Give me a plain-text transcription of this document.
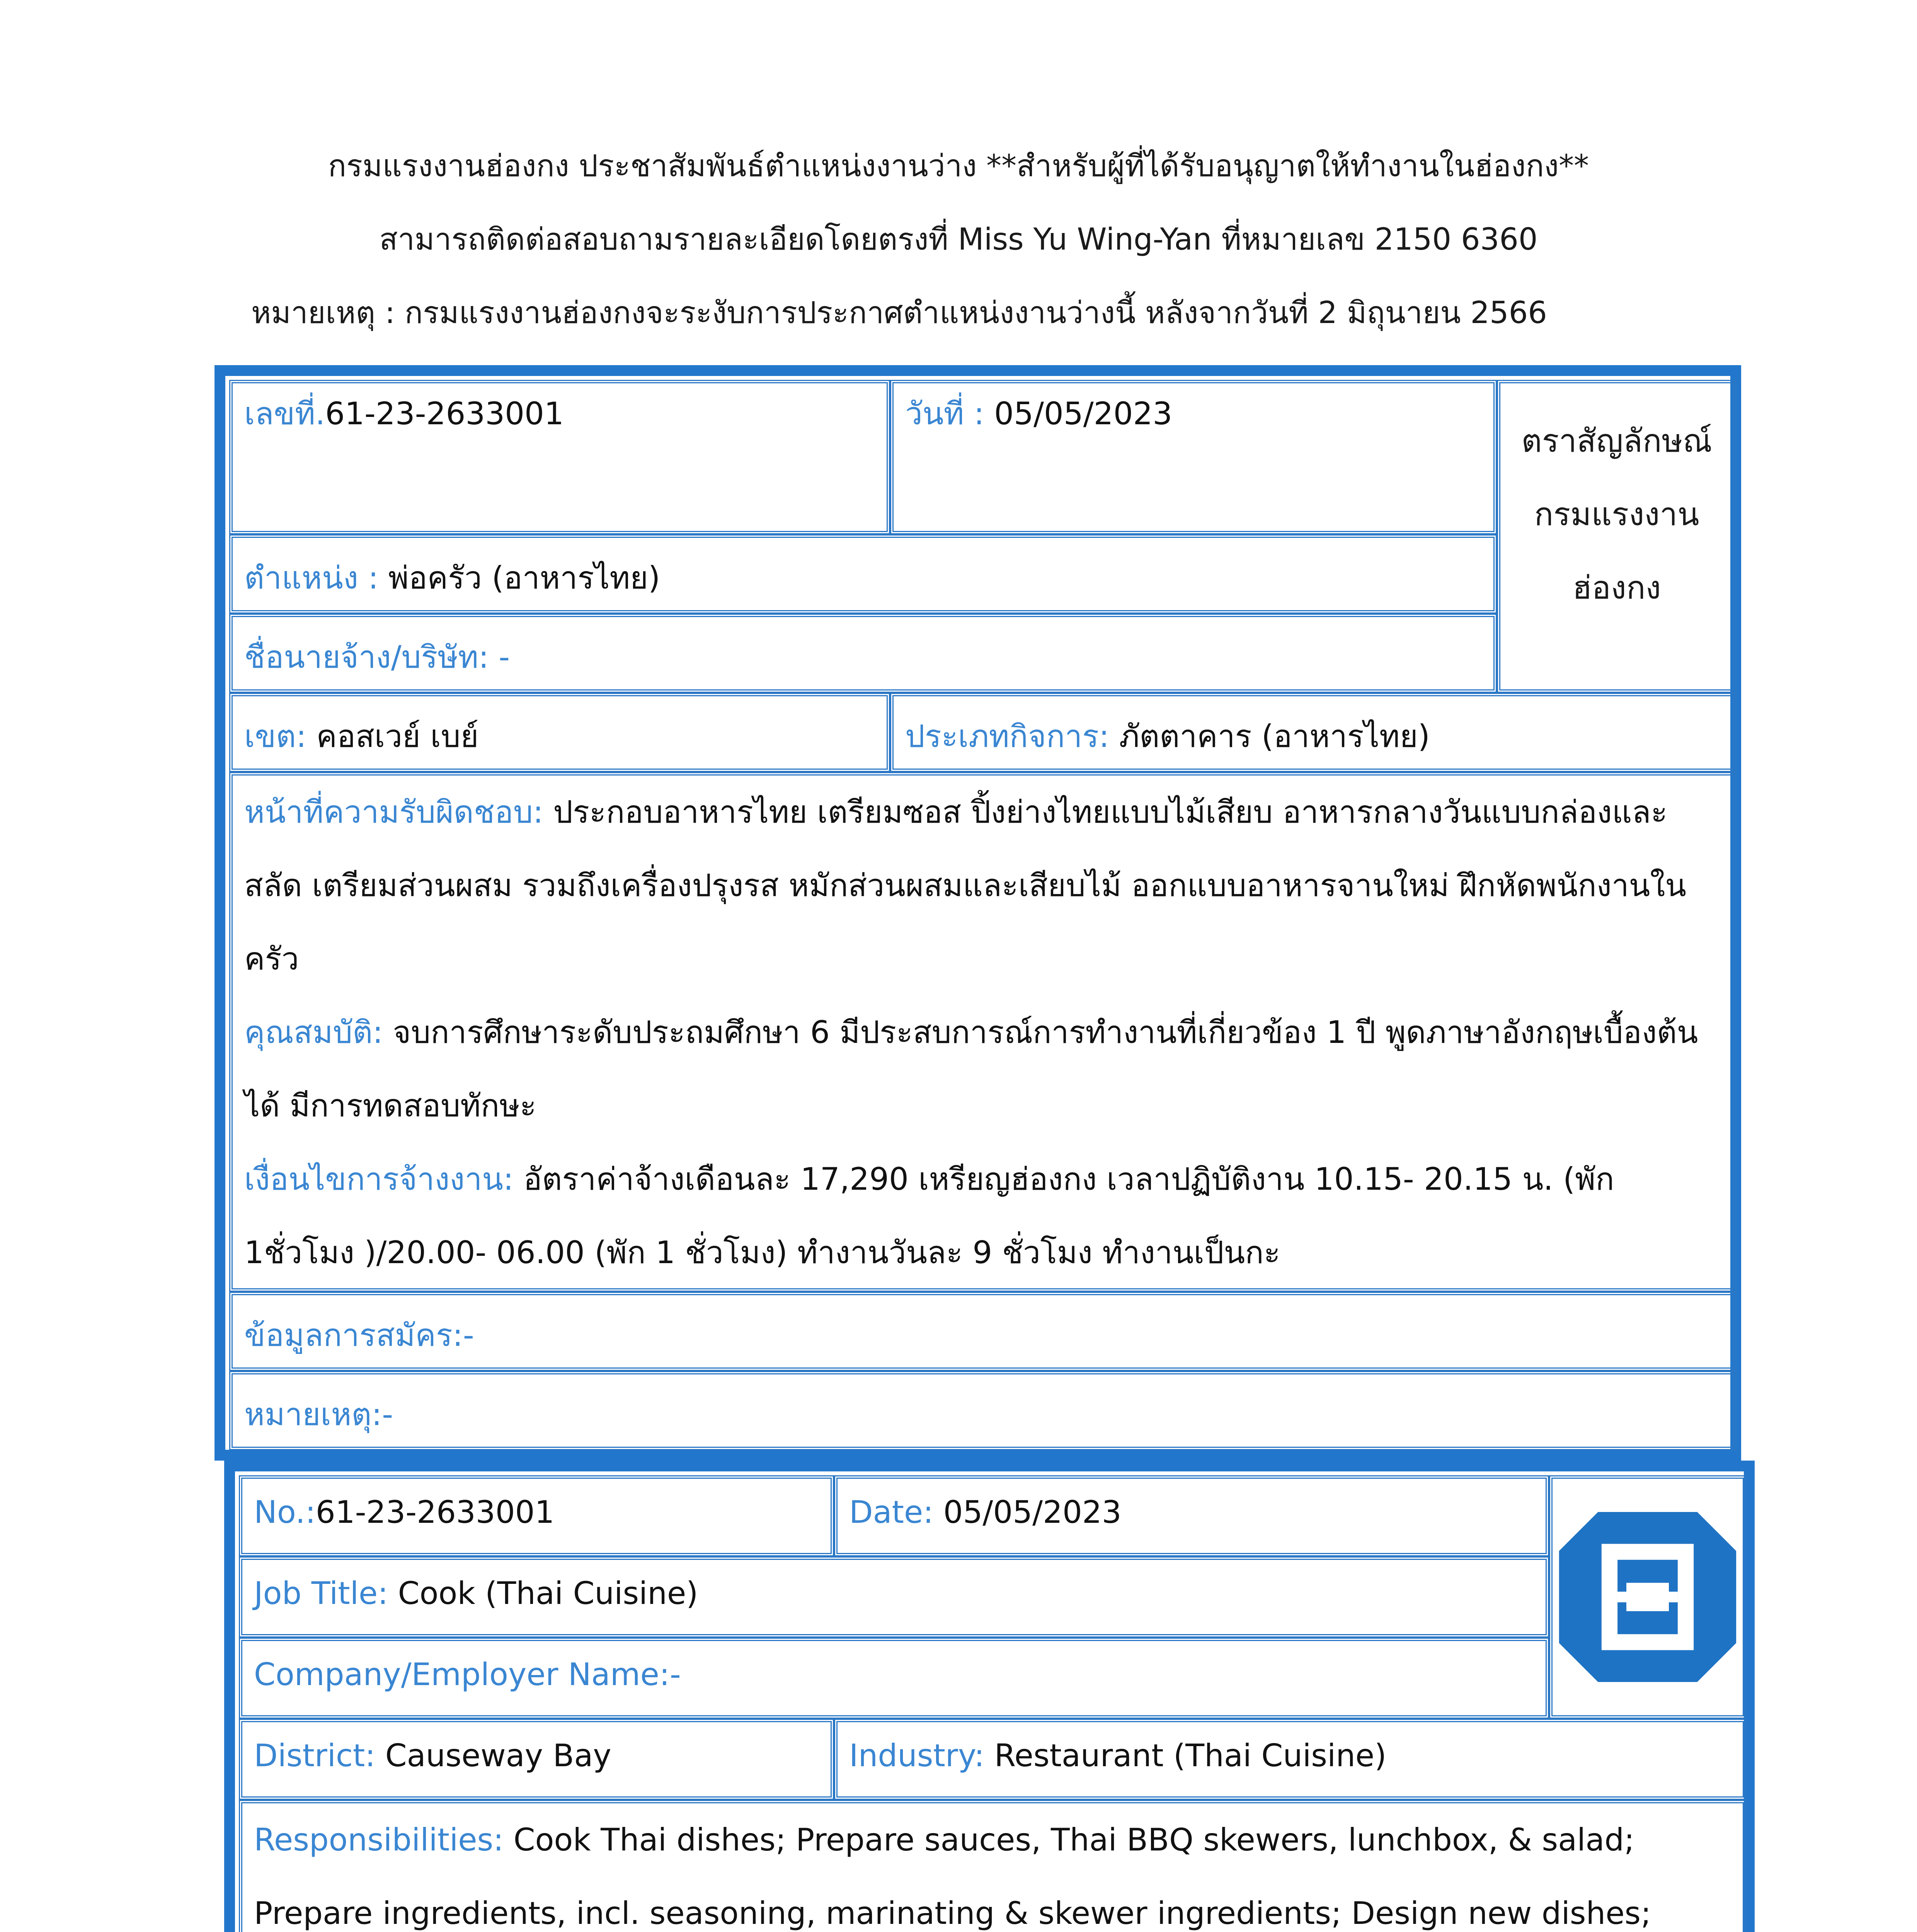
กรมแรงงานฮ่องกง ประชาสัมพันธ์ตำแหน่งงานว่าง **สำหรับผู้ที่ได้รับอนุญาตให้ทำงานในฮ่องกง**
สามารถติดต่อสอบถามรายละเอียดโดยตรงที่ Miss Yu Wing-Yan ที่หมายเลข 2150 6360
หมายเหตุ : กรมแรงงานฮ่องกงจะระงับการประกาศตำแหน่งงานว่างนี้ หลังจากวันที่ 2 มิถุนายน 2566
เลขที่.61-23-2633001	วันที่ : 05/05/2023
ตราสัญลักษณ์
กรมแรงงาน
ฮ่องกง
ตำแหน่ง : พ่อครัว (อาหารไทย)
ชื่อนายจ้าง/บริษัท: -
เขต: คอสเวย์ เบย์	ประเภทกิจการ: ภัตตาคาร (อาหารไทย)
หน้าที่ความรับผิดชอบ: ประกอบอาหารไทย เตรียมซอส ปิ้งย่างไทยแบบไม้เสียบ อาหารกลางวันแบบกล่องและสลัด เตรียมส่วนผสม รวมถึงเครื่องปรุงรส หมักส่วนผสมและเสียบไม้ ออกแบบอาหารจานใหม่ ฝึกหัดพนักงานในครัว
คุณสมบัติ: จบการศึกษาระดับประถมศึกษา 6 มีประสบการณ์การทำงานที่เกี่ยวข้อง 1 ปี พูดภาษาอังกฤษเบื้องต้นได้ มีการทดสอบทักษะ
เงื่อนไขการจ้างงาน: อัตราค่าจ้างเดือนละ 17,290 เหรียญฮ่องกง เวลาปฏิบัติงาน 10.15- 20.15 น. (พัก 1ชั่วโมง )/20.00- 06.00 (พัก 1 ชั่วโมง) ทำงานวันละ 9 ชั่วโมง ทำงานเป็นกะ
ข้อมูลการสมัคร:-
หมายเหตุ:-
No.:61-23-2633001	Date: 05/05/2023
Job Title: Cook (Thai Cuisine)
Company/Employer Name:-
District: Causeway Bay	Industry: Restaurant (Thai Cuisine)
Responsibilities: Cook Thai dishes; Prepare sauces, Thai BBQ skewers, lunchbox, & salad; Prepare ingredients, incl. seasoning, marinating & skewer ingredients; Design new dishes;
